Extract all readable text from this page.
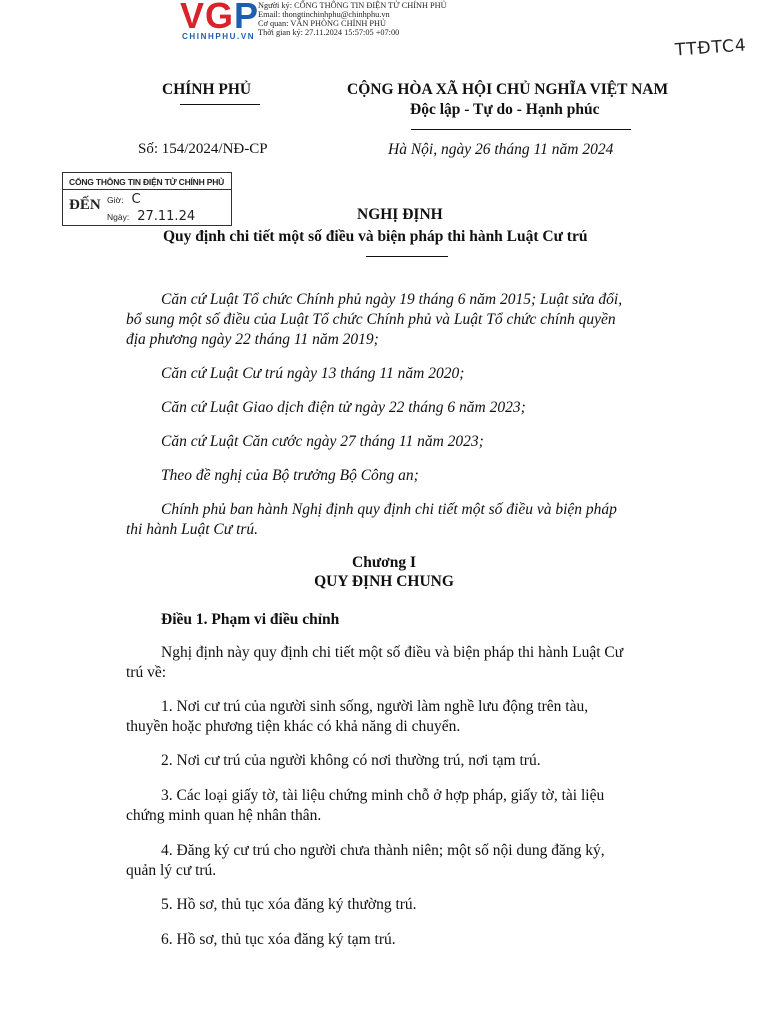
VGP
CHINHPHU.VN
Người ký: CỔNG THÔNG TIN ĐIỆN TỬ CHÍNH PHỦ
Email: thongtinchinhphu@chinhphu.vn
Cơ quan: VĂN PHÒNG CHÍNH PHỦ
Thời gian ký: 27.11.2024 15:57:05 +07:00
TTĐTC4
CHÍNH PHỦ	CỘNG HÒA XÃ HỘI CHỦ NGHĨA VIỆT NAM
Độc lập - Tự do - Hạnh phúc
Số: 154/2024/NĐ-CP	Hà Nội, ngày 26 tháng 11 năm 2024
CỔNG THÔNG TIN ĐIỆN TỬ CHÍNH PHỦ
ĐẾN Giờ: C
Ngày: 27.11.24	NGHỊ ĐỊNH
Quy định chi tiết một số điều và biện pháp thi hành Luật Cư trú
Căn cứ Luật Tổ chức Chính phủ ngày 19 tháng 6 năm 2015; Luật sửa đổi,
bổ sung một số điều của Luật Tổ chức Chính phủ và Luật Tổ chức chính quyền
địa phương ngày 22 tháng 11 năm 2019;
Căn cứ Luật Cư trú ngày 13 tháng 11 năm 2020;
Căn cứ Luật Giao dịch điện tử ngày 22 tháng 6 năm 2023;
Căn cứ Luật Căn cước ngày 27 tháng 11 năm 2023;
Theo đề nghị của Bộ trưởng Bộ Công an;
Chính phủ ban hành Nghị định quy định chi tiết một số điều và biện pháp
thi hành Luật Cư trú.
Chương I
QUY ĐỊNH CHUNG
Điều 1. Phạm vi điều chỉnh
Nghị định này quy định chi tiết một số điều và biện pháp thi hành Luật Cư
trú về:
1. Nơi cư trú của người sinh sống, người làm nghề lưu động trên tàu,
thuyền hoặc phương tiện khác có khả năng di chuyển.
2. Nơi cư trú của người không có nơi thường trú, nơi tạm trú.
3. Các loại giấy tờ, tài liệu chứng minh chỗ ở hợp pháp, giấy tờ, tài liệu
chứng minh quan hệ nhân thân.
4. Đăng ký cư trú cho người chưa thành niên; một số nội dung đăng ký,
quản lý cư trú.
5. Hồ sơ, thủ tục xóa đăng ký thường trú.
6. Hồ sơ, thủ tục xóa đăng ký tạm trú.
